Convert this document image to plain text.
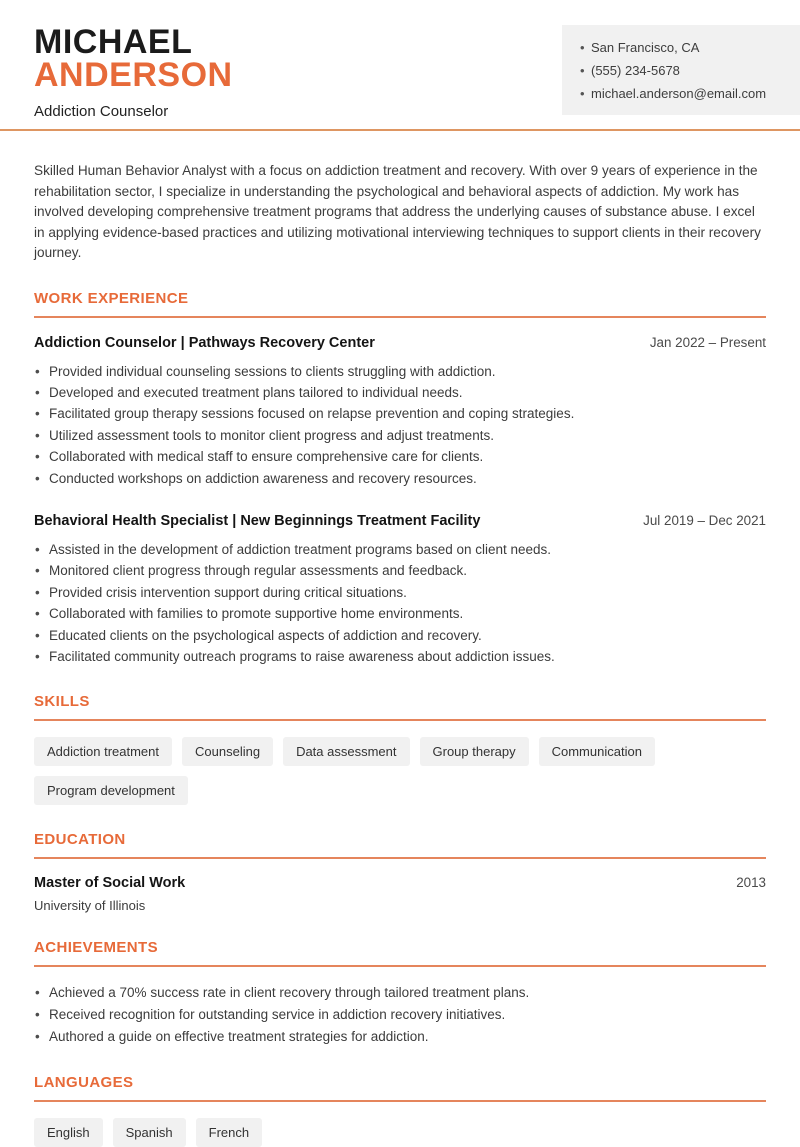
MICHAEL
ANDERSON
Addiction Counselor
• San Francisco, CA
• (555) 234-5678
• michael.anderson@email.com

Skilled Human Behavior Analyst with a focus on addiction treatment and recovery. With over 9 years of experience in the rehabilitation sector, I specialize in understanding the psychological and behavioral aspects of addiction. My work has involved developing comprehensive treatment programs that address the underlying causes of substance abuse. I excel in applying evidence-based practices and utilizing motivational interviewing techniques to support clients in their recovery journey.

WORK EXPERIENCE
Addiction Counselor | Pathways Recovery Center	Jan 2022 – Present
• Provided individual counseling sessions to clients struggling with addiction.
• Developed and executed treatment plans tailored to individual needs.
• Facilitated group therapy sessions focused on relapse prevention and coping strategies.
• Utilized assessment tools to monitor client progress and adjust treatments.
• Collaborated with medical staff to ensure comprehensive care for clients.
• Conducted workshops on addiction awareness and recovery resources.
Behavioral Health Specialist | New Beginnings Treatment Facility	Jul 2019 – Dec 2021
• Assisted in the development of addiction treatment programs based on client needs.
• Monitored client progress through regular assessments and feedback.
• Provided crisis intervention support during critical situations.
• Collaborated with families to promote supportive home environments.
• Educated clients on the psychological aspects of addiction and recovery.
• Facilitated community outreach programs to raise awareness about addiction issues.
SKILLS
Addiction treatment	Counseling	Data assessment	Group therapy	Communication
Program development
EDUCATION
Master of Social Work	2013
University of Illinois
ACHIEVEMENTS
• Achieved a 70% success rate in client recovery through tailored treatment plans.
• Received recognition for outstanding service in addiction recovery initiatives.
• Authored a guide on effective treatment strategies for addiction.
LANGUAGES
English	Spanish	French
